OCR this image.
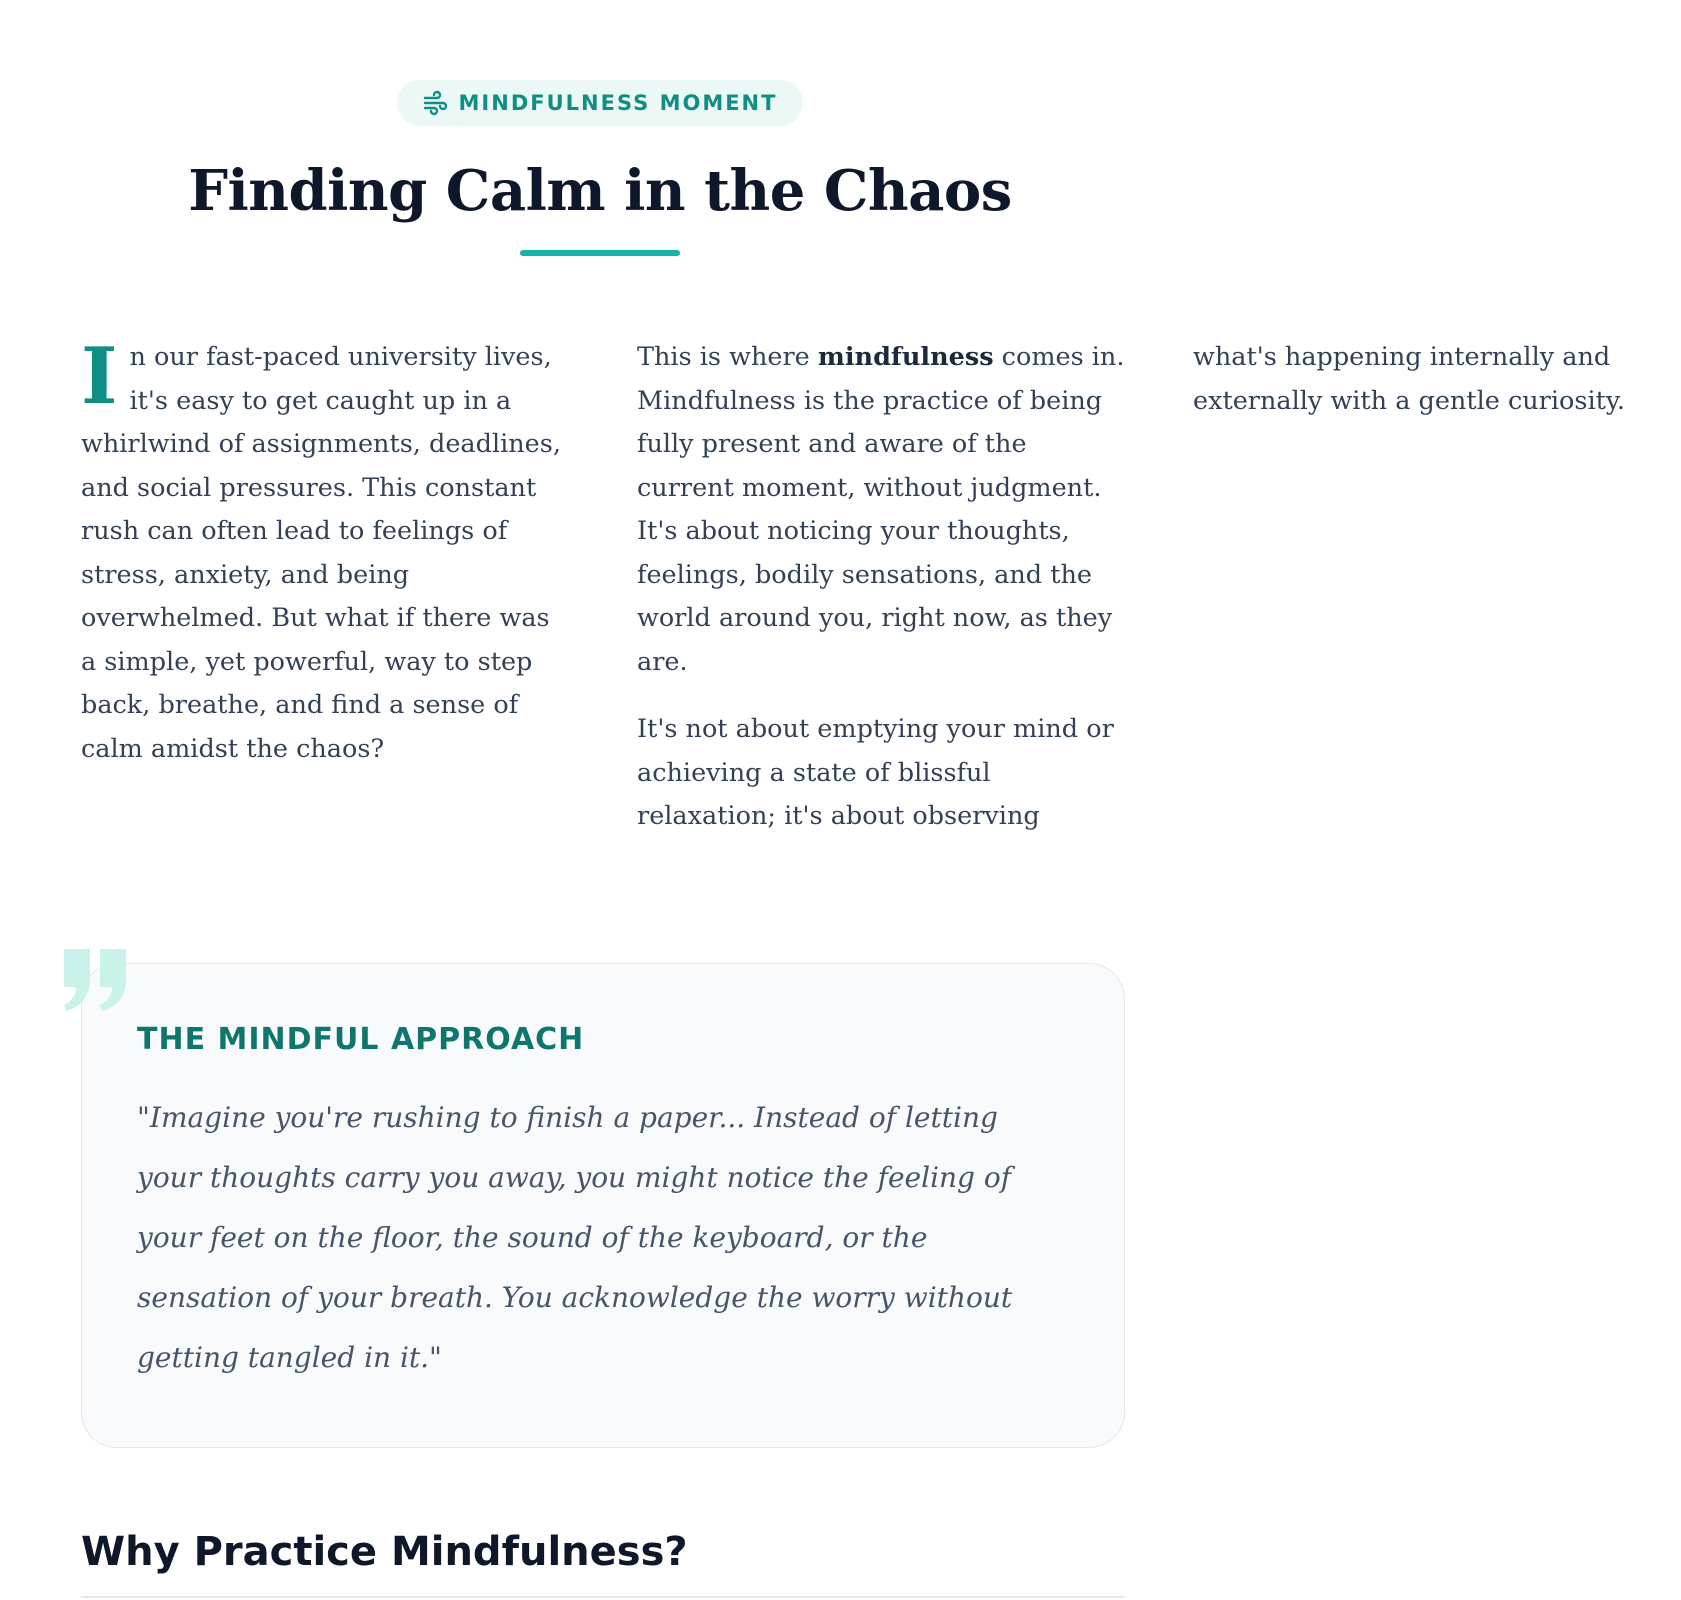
MINDFULNESS MOMENT
Finding Calm in the Chaos

In our fast-paced university lives, it's easy to get caught up in a whirlwind of assignments, deadlines, and social pressures. This constant rush can often lead to feelings of stress, anxiety, and being overwhelmed. But what if there was a simple, yet powerful, way to step back, breathe, and find a sense of calm amidst the chaos?

This is where mindfulness comes in. Mindfulness is the practice of being fully present and aware of the current moment, without judgment. It's about noticing your thoughts, feelings, bodily sensations, and the world around you, right now, as they are.

It's not about emptying your mind or achieving a state of blissful relaxation; it's about observing what's happening internally and externally with a gentle curiosity.

THE MINDFUL APPROACH

"Imagine you're rushing to finish a paper... Instead of letting your thoughts carry you away, you might notice the feeling of your feet on the floor, the sound of the keyboard, or the sensation of your breath. You acknowledge the worry without getting tangled in it."

Why Practice Mindfulness?
